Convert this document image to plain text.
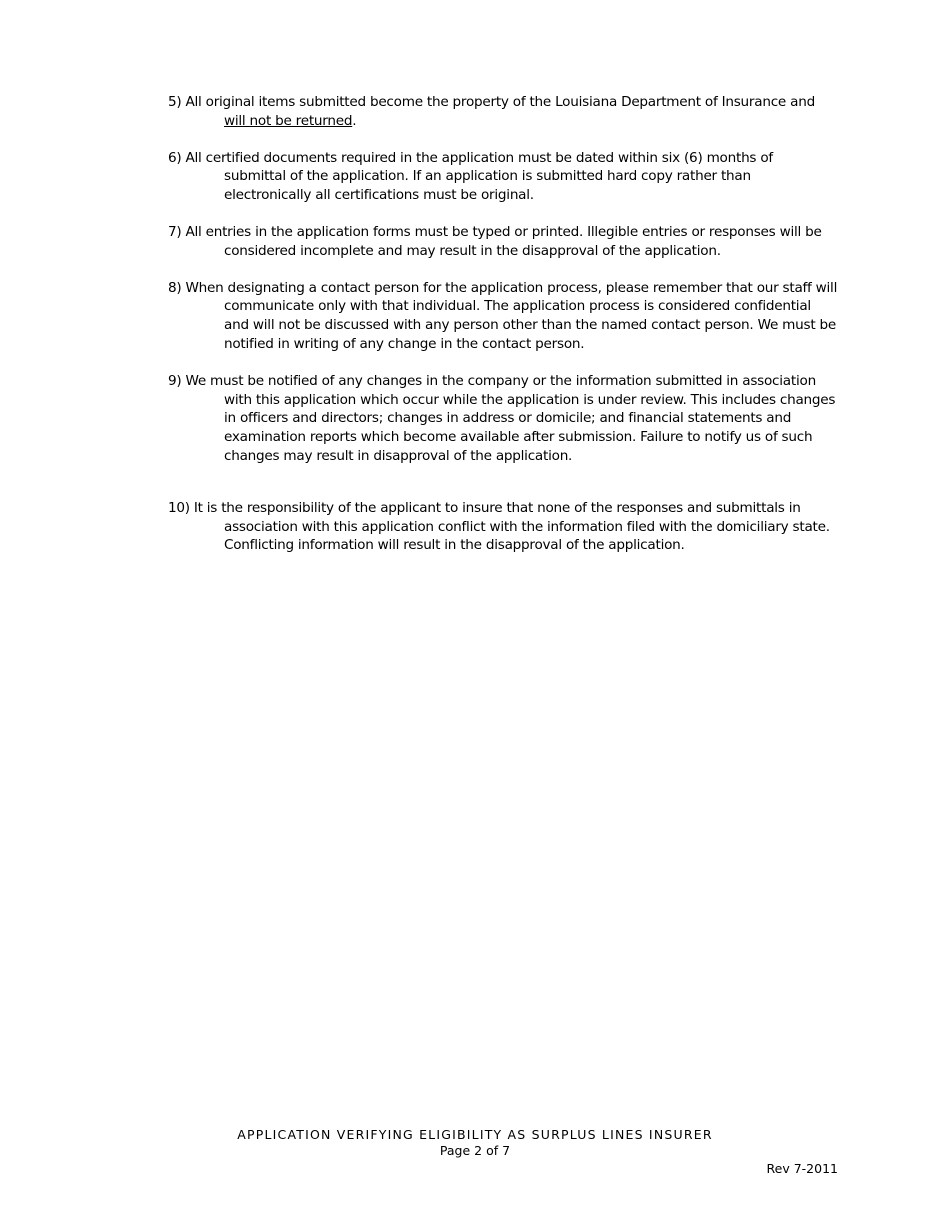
5) All original items submitted become the property of the Louisiana Department of Insurance and will not be returned.

6) All certified documents required in the application must be dated within six (6) months of submittal of the application. If an application is submitted hard copy rather than electronically all certifications must be original.

7) All entries in the application forms must be typed or printed. Illegible entries or responses will be considered incomplete and may result in the disapproval of the application.

8) When designating a contact person for the application process, please remember that our staff will communicate only with that individual. The application process is considered confidential and will not be discussed with any person other than the named contact person. We must be notified in writing of any change in the contact person.

9) We must be notified of any changes in the company or the information submitted in association with this application which occur while the application is under review. This includes changes in officers and directors; changes in address or domicile; and financial statements and examination reports which become available after submission. Failure to notify us of such changes may result in disapproval of the application.

10) It is the responsibility of the applicant to insure that none of the responses and submittals in association with this application conflict with the information filed with the domiciliary state. Conflicting information will result in the disapproval of the application.

APPLICATION VERIFYING ELIGIBILITY AS SURPLUS LINES INSURER
Page 2 of 7
Rev 7-2011
